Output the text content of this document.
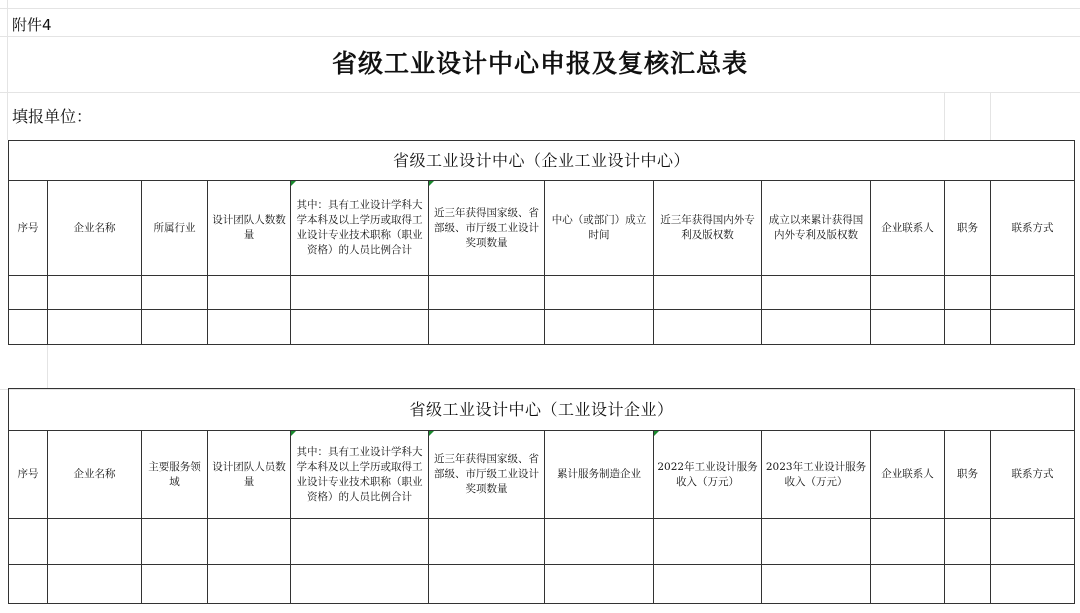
附件4
省级工业设计中心申报及复核汇总表
填报单位：
省级工业设计中心（企业工业设计中心）											
序号	企业名称	所属行业	设计团队人数数量	其中：具有工业设计学科大学本科及以上学历或取得工业设计专业技术职称（职业资格）的人员比例合计	近三年获得国家级、省部级、市厅级工业设计奖项数量	中心（或部门）成立时间	近三年获得国内外专利及版权数	成立以来累计获得国内外专利及版权数	企业联系人	职务	联系方式

省级工业设计中心（工业设计企业）											
序号	企业名称	主要服务领域	设计团队人员数量	其中：具有工业设计学科大学本科及以上学历或取得工业设计专业技术职称（职业资格）的人员比例合计	近三年获得国家级、省部级、市厅级工业设计奖项数量	累计服务制造企业	2022年工业设计服务收入（万元）	2023年工业设计服务收入（万元）	企业联系人	职务	联系方式
